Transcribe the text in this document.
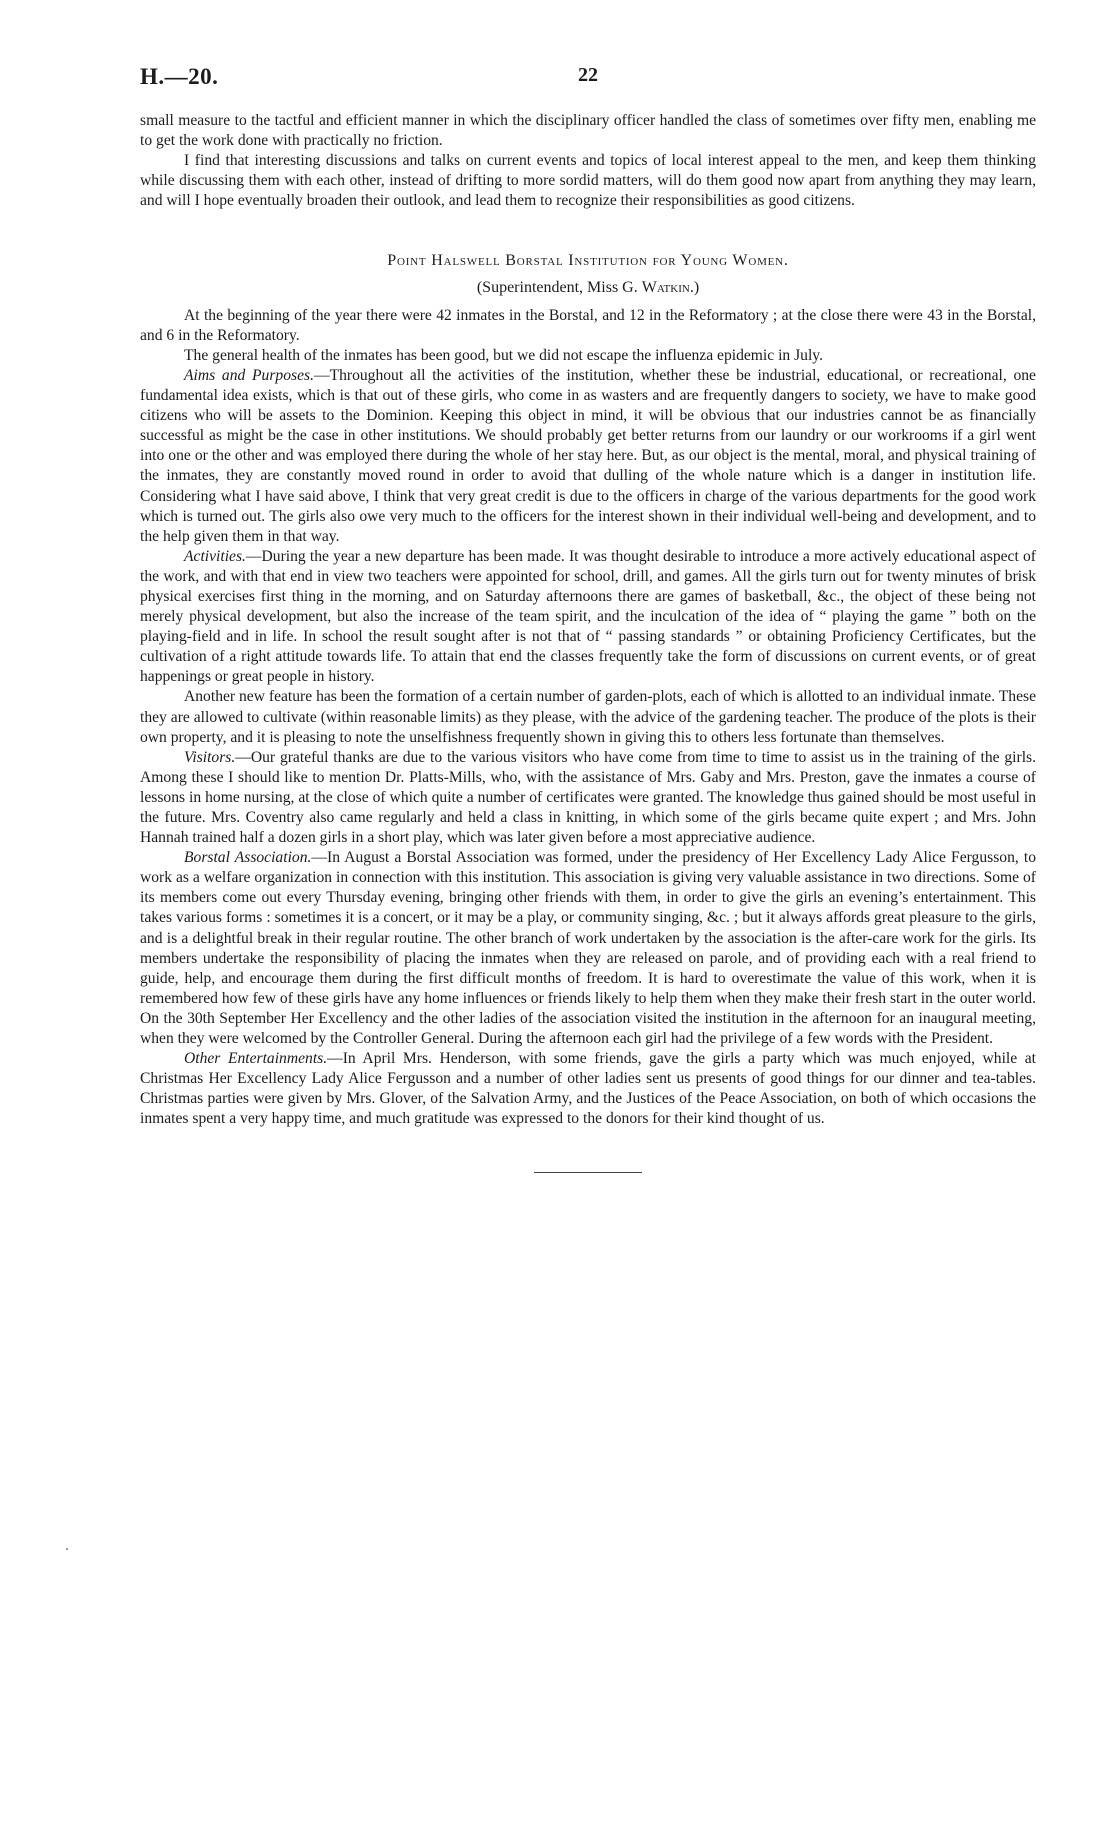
H.—20.	22

small measure to the tactful and efficient manner in which the disciplinary officer handled the class of sometimes over fifty men, enabling me to get the work done with practically no friction.

I find that interesting discussions and talks on current events and topics of local interest appeal to the men, and keep them thinking while discussing them with each other, instead of drifting to more sordid matters, will do them good now apart from anything they may learn, and will I hope eventually broaden their outlook, and lead them to recognize their responsibilities as good citizens.

Point Halswell Borstal Institution for Young Women.
(Superintendent, Miss G. Watkin.)

At the beginning of the year there were 42 inmates in the Borstal, and 12 in the Reformatory ; at the close there were 43 in the Borstal, and 6 in the Reformatory.

The general health of the inmates has been good, but we did not escape the influenza epidemic in July.

Aims and Purposes.—Throughout all the activities of the institution, whether these be industrial, educational, or recreational, one fundamental idea exists, which is that out of these girls, who come in as wasters and are frequently dangers to society, we have to make good citizens who will be assets to the Dominion. Keeping this object in mind, it will be obvious that our industries cannot be as financially successful as might be the case in other institutions. We should probably get better returns from our laundry or our workrooms if a girl went into one or the other and was employed there during the whole of her stay here. But, as our object is the mental, moral, and physical training of the inmates, they are constantly moved round in order to avoid that dulling of the whole nature which is a danger in institution life. Considering what I have said above, I think that very great credit is due to the officers in charge of the various departments for the good work which is turned out. The girls also owe very much to the officers for the interest shown in their individual well-being and development, and to the help given them in that way.

Activities.—During the year a new departure has been made. It was thought desirable to introduce a more actively educational aspect of the work, and with that end in view two teachers were appointed for school, drill, and games. All the girls turn out for twenty minutes of brisk physical exercises first thing in the morning, and on Saturday afternoons there are games of basketball, &c., the object of these being not merely physical development, but also the increase of the team spirit, and the inculcation of the idea of “ playing the game ” both on the playing-field and in life. In school the result sought after is not that of “ passing standards ” or obtaining Proficiency Certificates, but the cultivation of a right attitude towards life. To attain that end the classes frequently take the form of discussions on current events, or of great happenings or great people in history.

Another new feature has been the formation of a certain number of garden-plots, each of which is allotted to an individual inmate. These they are allowed to cultivate (within reasonable limits) as they please, with the advice of the gardening teacher. The produce of the plots is their own property, and it is pleasing to note the unselfishness frequently shown in giving this to others less fortunate than themselves.

Visitors.—Our grateful thanks are due to the various visitors who have come from time to time to assist us in the training of the girls. Among these I should like to mention Dr. Platts-Mills, who, with the assistance of Mrs. Gaby and Mrs. Preston, gave the inmates a course of lessons in home nursing, at the close of which quite a number of certificates were granted. The knowledge thus gained should be most useful in the future. Mrs. Coventry also came regularly and held a class in knitting, in which some of the girls became quite expert ; and Mrs. John Hannah trained half a dozen girls in a short play, which was later given before a most appreciative audience.

Borstal Association.—In August a Borstal Association was formed, under the presidency of Her Excellency Lady Alice Fergusson, to work as a welfare organization in connection with this institution. This association is giving very valuable assistance in two directions. Some of its members come out every Thursday evening, bringing other friends with them, in order to give the girls an evening’s entertainment. This takes various forms : sometimes it is a concert, or it may be a play, or community singing, &c. ; but it always affords great pleasure to the girls, and is a delightful break in their regular routine. The other branch of work undertaken by the association is the after-care work for the girls. Its members undertake the responsibility of placing the inmates when they are released on parole, and of providing each with a real friend to guide, help, and encourage them during the first difficult months of freedom. It is hard to overestimate the value of this work, when it is remembered how few of these girls have any home influences or friends likely to help them when they make their fresh start in the outer world. On the 30th September Her Excellency and the other ladies of the association visited the institution in the afternoon for an inaugural meeting, when they were welcomed by the Controller General. During the afternoon each girl had the privilege of a few words with the President.

Other Entertainments.—In April Mrs. Henderson, with some friends, gave the girls a party which was much enjoyed, while at Christmas Her Excellency Lady Alice Fergusson and a number of other ladies sent us presents of good things for our dinner and tea-tables. Christmas parties were given by Mrs. Glover, of the Salvation Army, and the Justices of the Peace Association, on both of which occasions the inmates spent a very happy time, and much gratitude was expressed to the donors for their kind thought of us.
